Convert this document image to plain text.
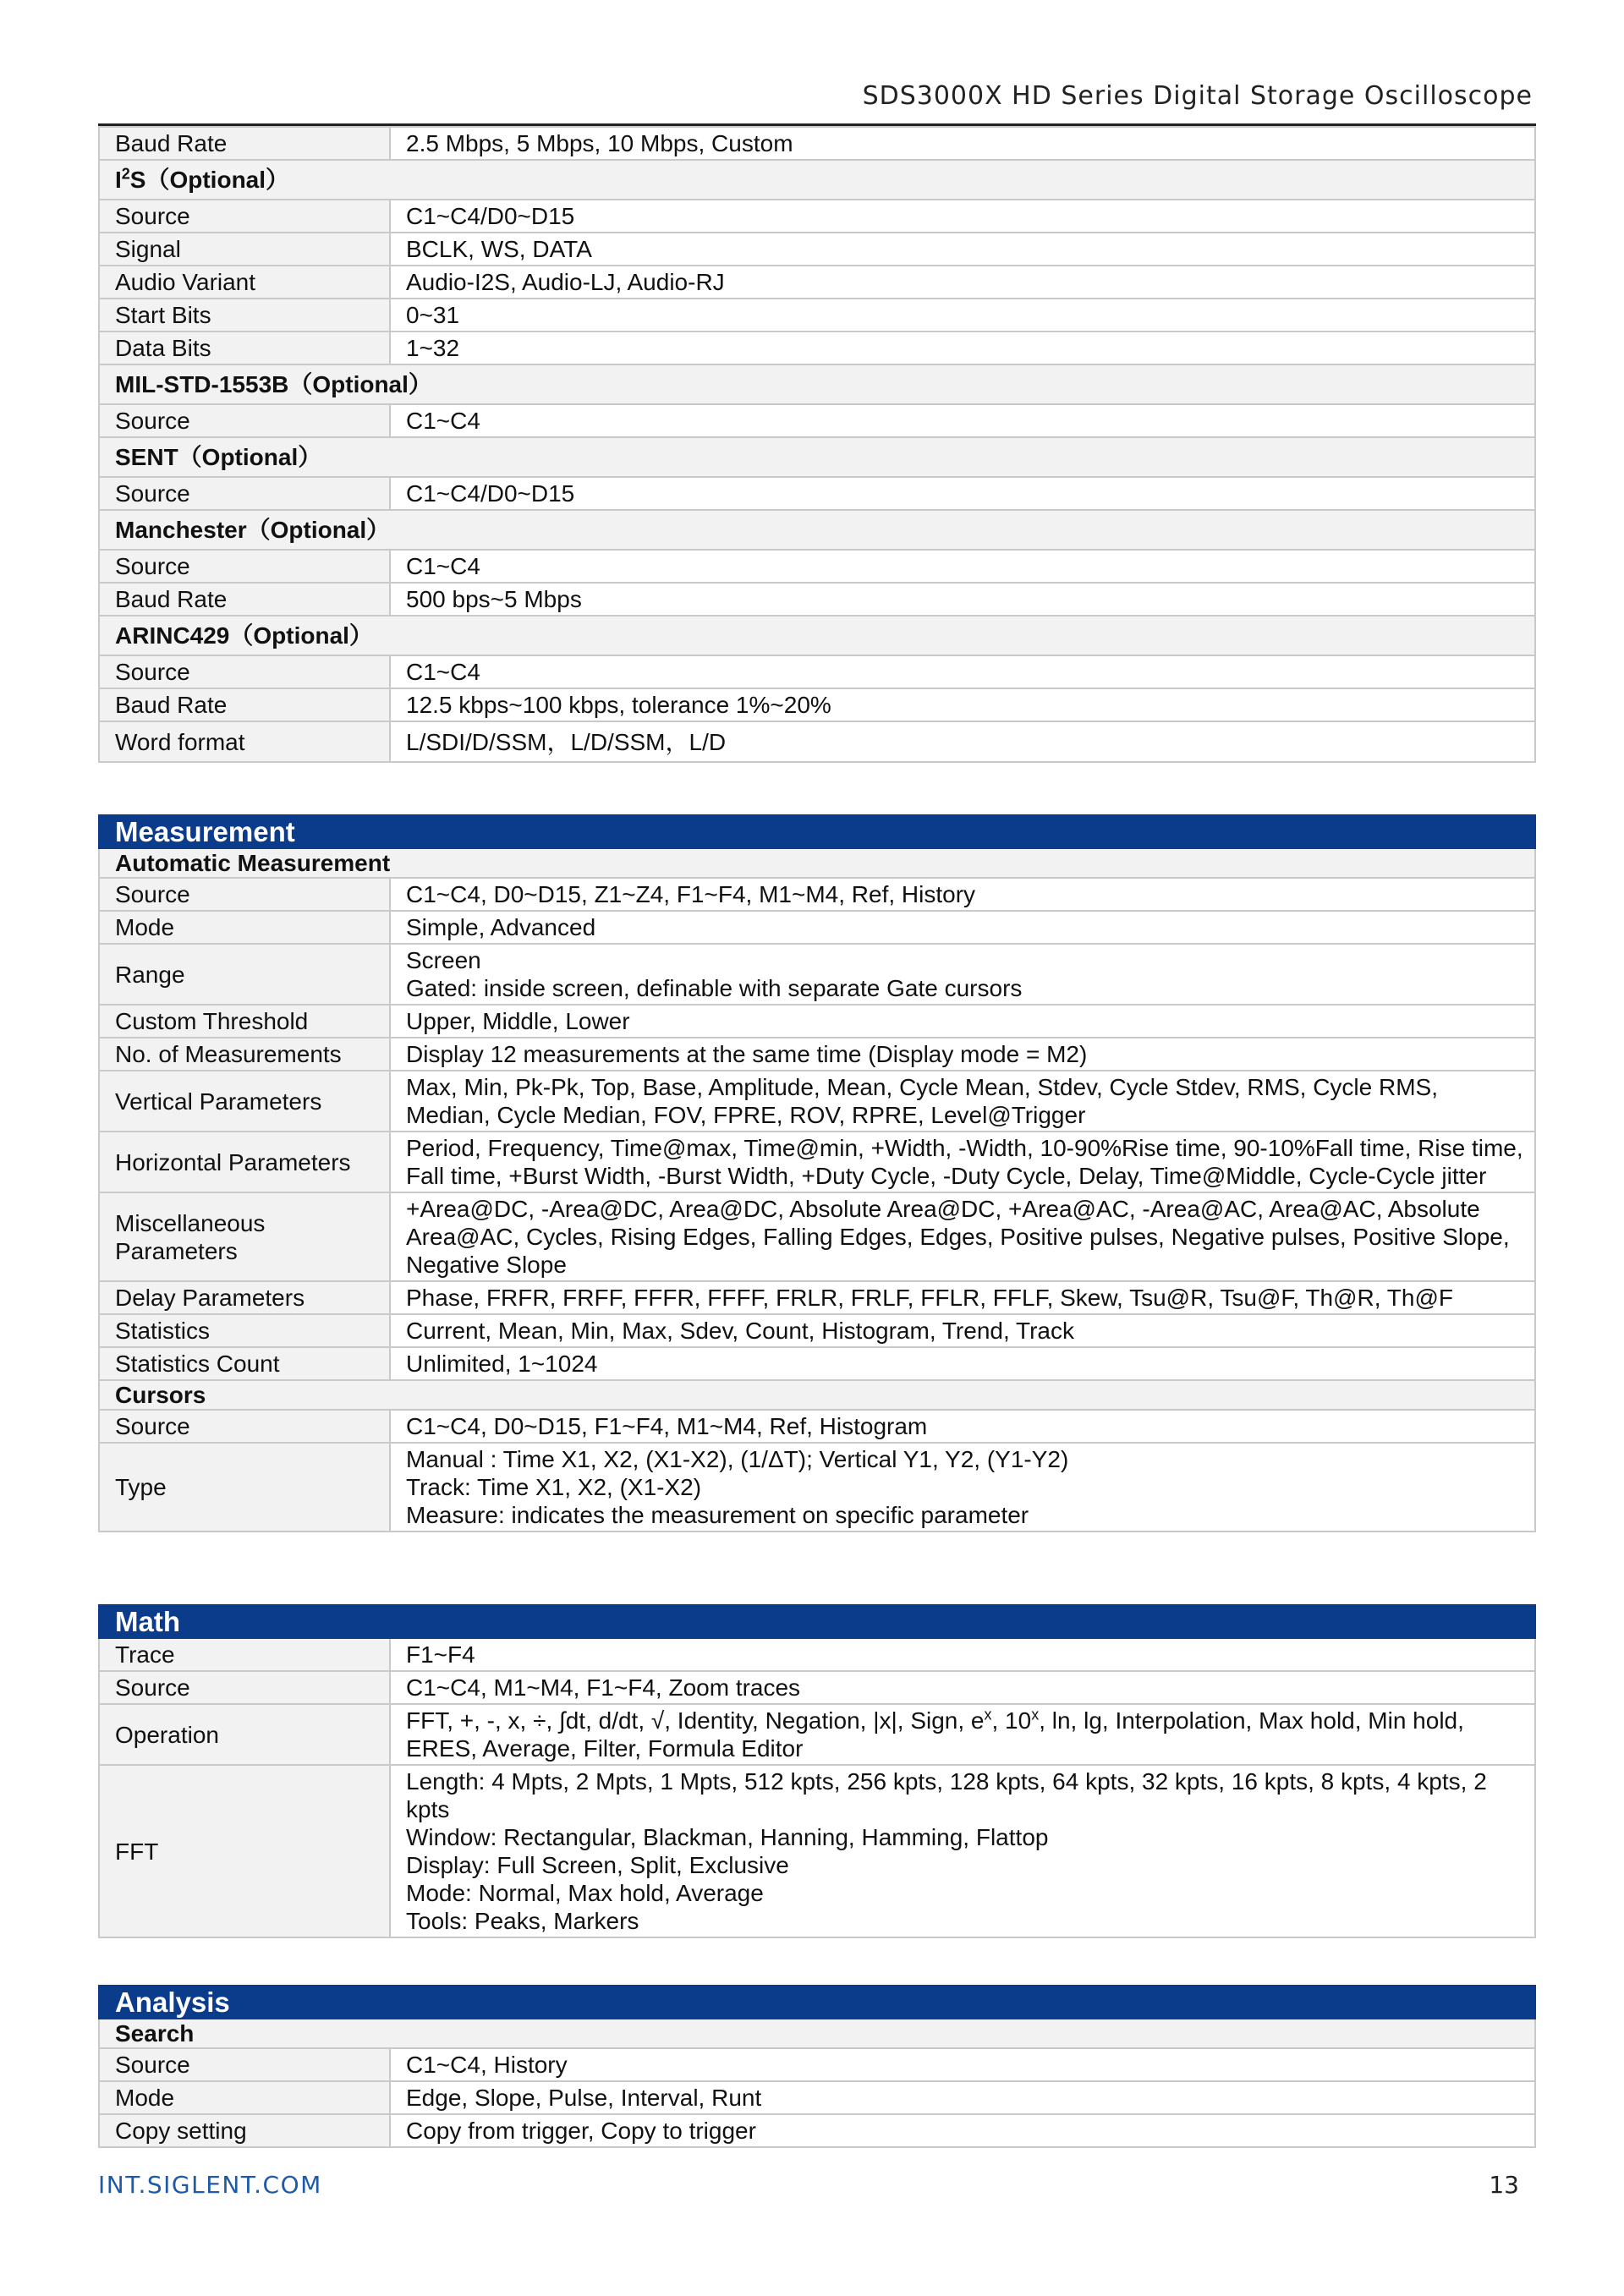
SDS3000X HD Series Digital Storage Oscilloscope
Baud Rate	2.5 Mbps, 5 Mbps, 10 Mbps, Custom
$I^2S(Optional)$	
Source	C1~C4/D0~D15
Signal	BCLK, WS, DATA
Audio Variant	Audio-I2S, Audio-LJ, Audio-RJ
Start Bits	0~31
Data Bits	1~32
MIL-STD-1553B（Optional）	
Source	C1~C4
SENT（Optional）	
Source	C1~C4/D0~D15
Manchester（Optional）	
Source	C1~C4
Baud Rate	500 bps~5 Mbps
ARINC429（Optional）	
Source	C1~C4
Baud Rate	12.5 kbps~100 kbps, tolerance 1%~20%
Word format	L/SDI/D/SSM，L/D/SSM，L/D
Measurement	
Automatic Measurement	
Source	C1~C4, D0~D15, Z1~Z4, F1~F4, M1~M4, Ref, History

Mode	Simple, Advanced

Range	Screen
Gated: inside screen, definable with separate Gate cursors

Custom Threshold	Upper, Middle, Lower

No. of Measurements	Display 12 measurements at the same time (Display mode = M2)

Vertical Parameters	Max, Min, Pk-Pk, Top, Base, Amplitude, Mean, Cycle Mean, Stdev, Cycle Stdev, RMS, Cycle RMS, Median, Cycle Median, FOV, FPRE, ROV, RPRE, Level@Trigger

Horizontal Parameters	Period, Frequency, Time@max, Time@min, +Width, -Width, 10-90%Rise time, 90-10%Fall time, Rise time, Fall time, +Burst Width, -Burst Width, +Duty Cycle, -Duty Cycle, Delay, Time@Middle, Cycle-Cycle jitter

Miscellaneous Parameters	+Area@DC, -Area@DC, Area@DC, Absolute Area@DC, +Area@AC, -Area@AC, Area@AC, Absolute Area@AC, Cycles, Rising Edges, Falling Edges, Edges, Positive pulses, Negative pulses, Positive Slope, Negative Slope

Delay Parameters	Phase, FRFR, FRFF, FFFR, FFFF, FRLR, FRLF, FFLR, FFLF, Skew, Tsu@R, Tsu@F, Th@R, Th@F

Statistics	Current, Mean, Min, Max, Sdev, Count, Histogram, Trend, Track

Statistics Count	Unlimited, 1~1024

Cursors	
Source	C1~C4, D0~D15, F1~F4, M1~M4, Ref, Histogram

Type	Manual : Time X1, X2, (X1-X2), (1/ΔT); Vertical Y1, Y2, (Y1-Y2)
Track: Time X1, X2, (X1-X2)
Measure: indicates the measurement on specific parameter
Math	
Trace	F1~F4

Source	C1~C4, M1~M4, F1~F4, Zoom traces

Operation	FFT, +, -, x, ÷, ∫dt, d/dt, √, Identity, Negation, |x|, Sign, $e^x$, 10$^x$, ln, lg, Interpolation, Max hold, Min hold, ERES, Average, Filter, Formula Editor
FFT	Length: 4 Mpts, 2 Mpts, 1 Mpts, 512 kpts, 256 kpts, 128 kpts, 64 kpts, 32 kpts, 16 kpts, 8 kpts, 4 kpts, 2 kpts
Window: Rectangular, Blackman, Hanning, Hamming, Flattop
Display: Full Screen, Split, Exclusive
Mode: Normal, Max hold, Average
Tools: Peaks, Markers
Analysis	
Search	
Source	C1~C4, History

Mode	Edge, Slope, Pulse, Interval, Runt

Copy setting	Copy from trigger, Copy to trigger
INT.SIGLENT.COM	13
